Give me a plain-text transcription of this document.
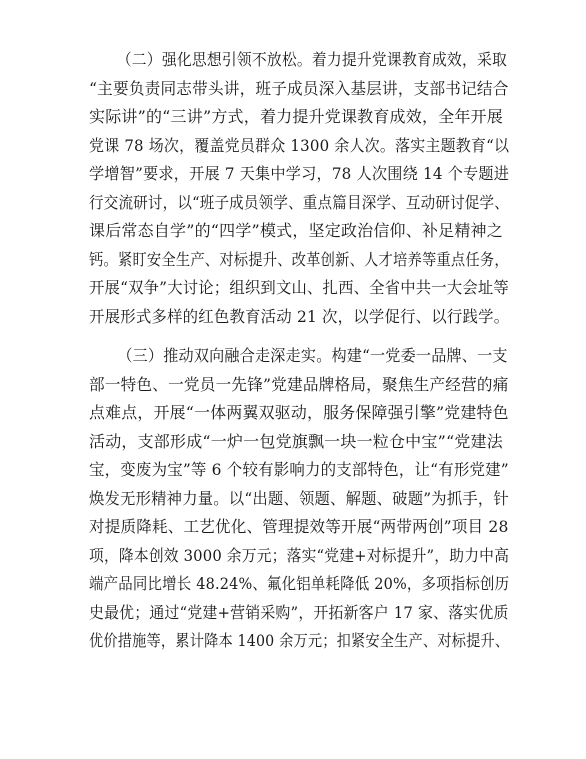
（二）强化思想引领不放松。着力提升党课教育成效，采取
“主要负责同志带头讲，班子成员深入基层讲，支部书记结合
实际讲”的“三讲”方式，着力提升党课教育成效，全年开展
党课 78 场次，覆盖党员群众 1300 余人次。落实主题教育“以
学增智”要求，开展 7 天集中学习，78 人次围绕 14 个专题进
行交流研讨，以“班子成员领学、重点篇目深学、互动研讨促学、
课后常态自学”的“四学”模式，坚定政治信仰、补足精神之
钙。紧盯安全生产、对标提升、改革创新、人才培养等重点任务，
开展“双争”大讨论；组织到文山、扎西、全省中共一大会址等
开展形式多样的红色教育活动 21 次，以学促行、以行践学。
（三）推动双向融合走深走实。构建“一党委一品牌、一支
部一特色、一党员一先锋”党建品牌格局，聚焦生产经营的痛
点难点，开展“一体两翼双驱动，服务保障强引擎”党建特色
活动，支部形成“一炉一包党旗飘一块一粒仓中宝”“党建法
宝，变废为宝”等 6 个较有影响力的支部特色，让“有形党建”
焕发无形精神力量。以“出题、领题、解题、破题”为抓手，针
对提质降耗、工艺优化、管理提效等开展“两带两创”项目 28
项，降本创效 3000 余万元；落实“党建+对标提升”，助力中高
端产品同比增长 48.24%、氟化铝单耗降低 20%，多项指标创历
史最优；通过“党建+营销采购”，开拓新客户 17 家、落实优质
优价措施等，累计降本 1400 余万元；扣紧安全生产、对标提升、
